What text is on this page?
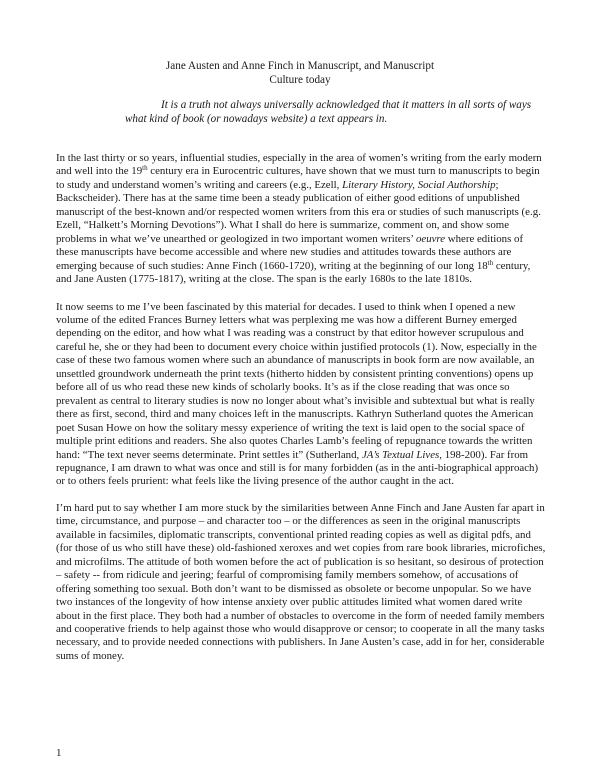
Jane Austen and Anne Finch in Manuscript, and Manuscript
Culture today
It is a truth not always universally acknowledged that it matters in all sorts of ways what kind of book (or nowadays website) a text appears in.

In the last thirty or so years, influential studies, especially in the area of women’s writing from the early modern and well into the 19th century era in Eurocentric cultures, have shown that we must turn to manuscripts to begin to study and understand women’s writing and careers (e.g., Ezell, Literary History, Social Authorship; Backscheider). There has at the same time been a steady publication of either good editions of unpublished manuscript of the best-known and/or respected women writers from this era or studies of such manuscripts (e.g. Ezell, “Halkett’s Morning Devotions”). What I shall do here is summarize, comment on, and show some problems in what we’ve unearthed or geologized in two important women writers’ oeuvre where editions of these manuscripts have become accessible and where new studies and attitudes towards these authors are emerging because of such studies: Anne Finch (1660-1720), writing at the beginning of our long 18th century, and Jane Austen (1775-1817), writing at the close. The span is the early 1680s to the late 1810s.

It now seems to me I’ve been fascinated by this material for decades. I used to think when I opened a new volume of the edited Frances Burney letters what was perplexing me was how a different Burney emerged depending on the editor, and how what I was reading was a construct by that editor however scrupulous and careful he, she or they had been to document every choice within justified protocols (1). Now, especially in the case of these two famous women where such an abundance of manuscripts in book form are now available, an unsettled groundwork underneath the print texts (hitherto hidden by consistent printing conventions) opens up before all of us who read these new kinds of scholarly books. It’s as if the close reading that was once so prevalent as central to literary studies is now no longer about what’s invisible and subtextual but what is really there as first, second, third and many choices left in the manuscripts. Kathryn Sutherland quotes the American poet Susan Howe on how the solitary messy experience of writing the text is laid open to the social space of multiple print editions and readers. She also quotes Charles Lamb’s feeling of repugnance towards the written hand: “The text never seems determinate. Print settles it” (Sutherland, JA’s Textual Lives, 198-200). Far from repugnance, I am drawn to what was once and still is for many forbidden (as in the anti-biographical approach) or to others feels prurient: what feels like the living presence of the author caught in the act.

I’m hard put to say whether I am more stuck by the similarities between Anne Finch and Jane Austen far apart in time, circumstance, and purpose – and character too – or the differences as seen in the original manuscripts available in facsimiles, diplomatic transcripts, conventional printed reading copies as well as digital pdfs, and (for those of us who still have these) old-fashioned xeroxes and wet copies from rare book libraries, microfiches, and microfilms. The attitude of both women before the act of publication is so hesitant, so desirous of protection – safety -- from ridicule and jeering; fearful of compromising family members somehow, of accusations of offering something too sexual. Both don’t want to be dismissed as obsolete or become unpopular. So we have two instances of the longevity of how intense anxiety over public attitudes limited what women dared write about in the first place. They both had a number of obstacles to overcome in the form of needed family members and cooperative friends to help against those who would disapprove or censor; to cooperate in all the many tasks necessary, and to provide needed connections with publishers. In Jane Austen’s case, add in for her, considerable sums of money.

1
